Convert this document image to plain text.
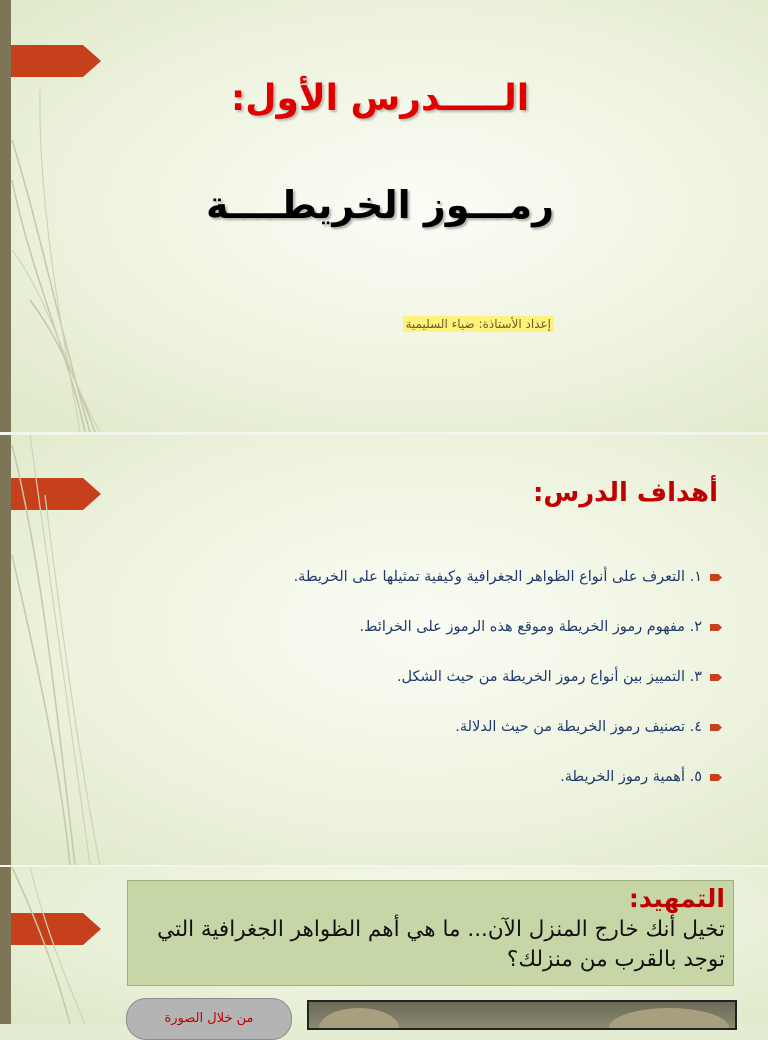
الـــــدرس الأول:
رمـــوز الخريطــــة
إعداد الأستاذة: ضياء السليمية
أهداف الدرس:
١. التعرف على أنواع الظواهر الجغرافية وكيفية تمثيلها على الخريطة.
٢. مفهوم رموز الخريطة وموقع هذه الرموز على الخرائط.
٣. التمييز بين أنواع رموز الخريطة من حيث الشكل.
٤. تصنيف رموز الخريطة من حيث الدلالة.
٥. أهمية رموز الخريطة.
التمهيد:
تخيل أنك خارج المنزل الآن... ما هي أهم الظواهر الجغرافية التي توجد بالقرب من منزلك؟
من خلال الصورة
